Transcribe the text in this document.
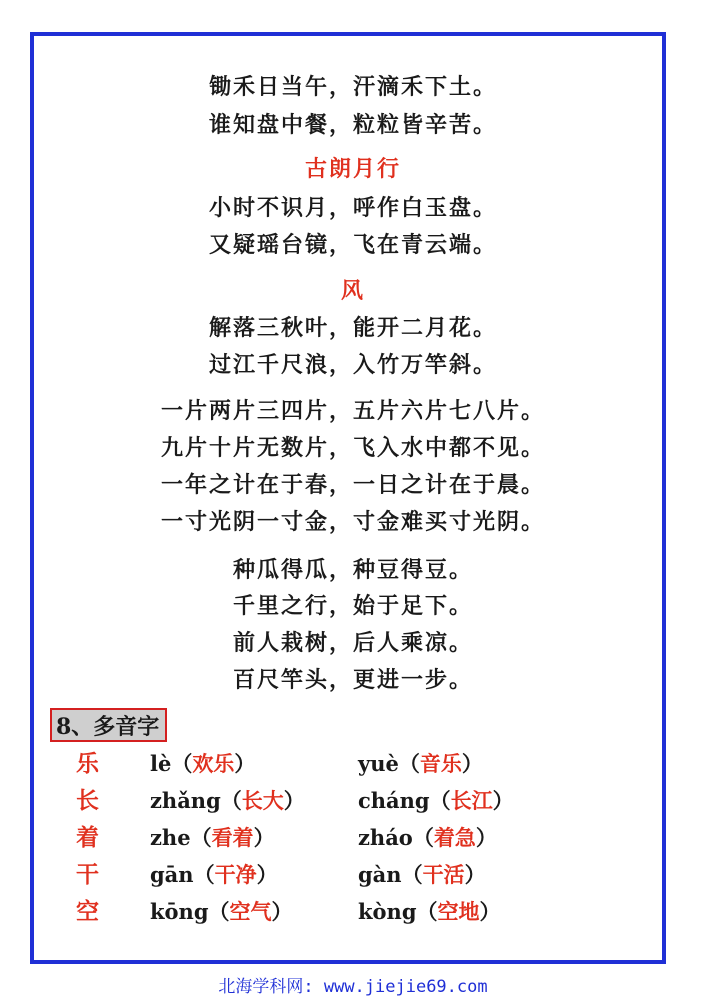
锄禾日当午，汗滴禾下土。
谁知盘中餐，粒粒皆辛苦。
古朗月行
小时不识月，呼作白玉盘。
又疑瑶台镜，飞在青云端。
风
解落三秋叶，能开二月花。
过江千尺浪，入竹万竿斜。
一片两片三四片，五片六片七八片。
九片十片无数片，飞入水中都不见。
一年之计在于春，一日之计在于晨。
一寸光阴一寸金，寸金难买寸光阴。
种瓜得瓜，种豆得豆。
千里之行，始于足下。
前人栽树，后人乘凉。
百尺竿头，更进一步。
8、多音字
乐 lè（欢乐）	yuè（音乐）
长 zhǎng（长大）	cháng（长江）
着 zhe（看着）	zháo（着急）
干 gān（干净）	gàn（干活）
空 kōng（空气）	kòng（空地）
北海学科网: www.jiejie69.com
